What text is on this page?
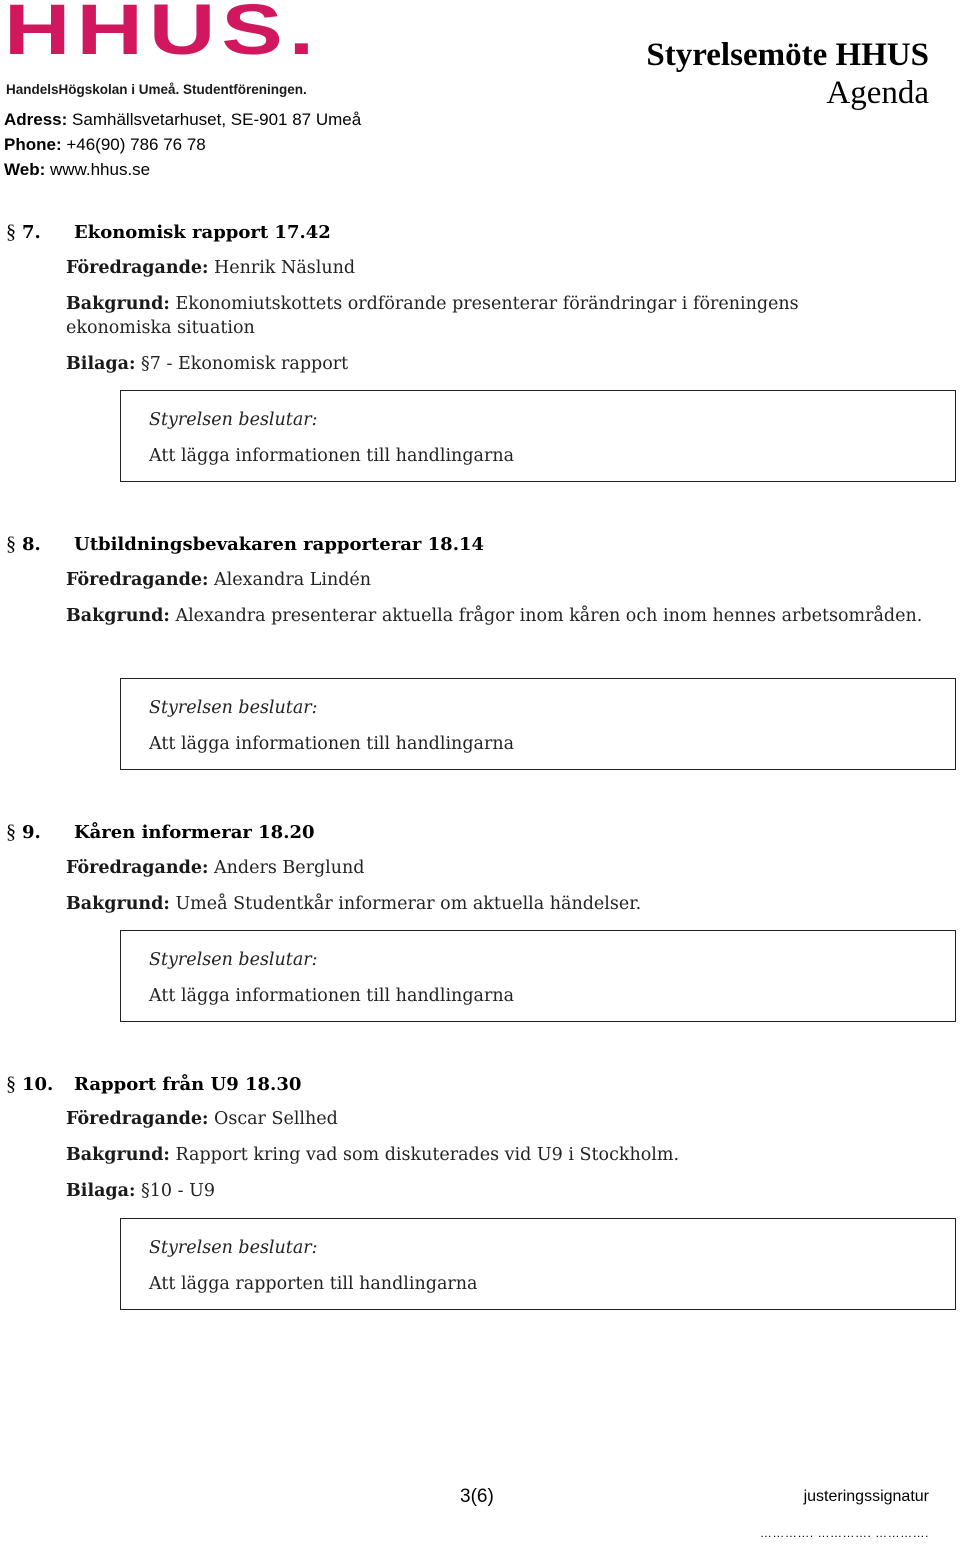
HHUS.
HandelsHögskolan i Umeå. Studentföreningen.
Adress: Samhällsvetarhuset, SE-901 87 Umeå
Phone: +46(90) 786 76 78
Web: www.hhus.se
Styrelsemöte HHUS
Agenda
§ 7. Ekonomisk rapport 17.42
Föredragande: Henrik Näslund
Bakgrund: Ekonomiutskottets ordförande presenterar förändringar i föreningens ekonomiska situation
Bilaga: §7 - Ekonomisk rapport
Styrelsen beslutar:
Att lägga informationen till handlingarna
§ 8. Utbildningsbevakaren rapporterar 18.14
Föredragande: Alexandra Lindén
Bakgrund: Alexandra presenterar aktuella frågor inom kåren och inom hennes arbetsområden.
Styrelsen beslutar:
Att lägga informationen till handlingarna
§ 9. Kåren informerar 18.20
Föredragande: Anders Berglund
Bakgrund: Umeå Studentkår informerar om aktuella händelser.
Styrelsen beslutar:
Att lägga informationen till handlingarna
§ 10. Rapport från U9 18.30
Föredragande: Oscar Sellhed
Bakgrund: Rapport kring vad som diskuterades vid U9 i Stockholm.
Bilaga: §10 - U9
Styrelsen beslutar:
Att lägga rapporten till handlingarna
3(6)	justeringssignatur
…………. …………. ………….
